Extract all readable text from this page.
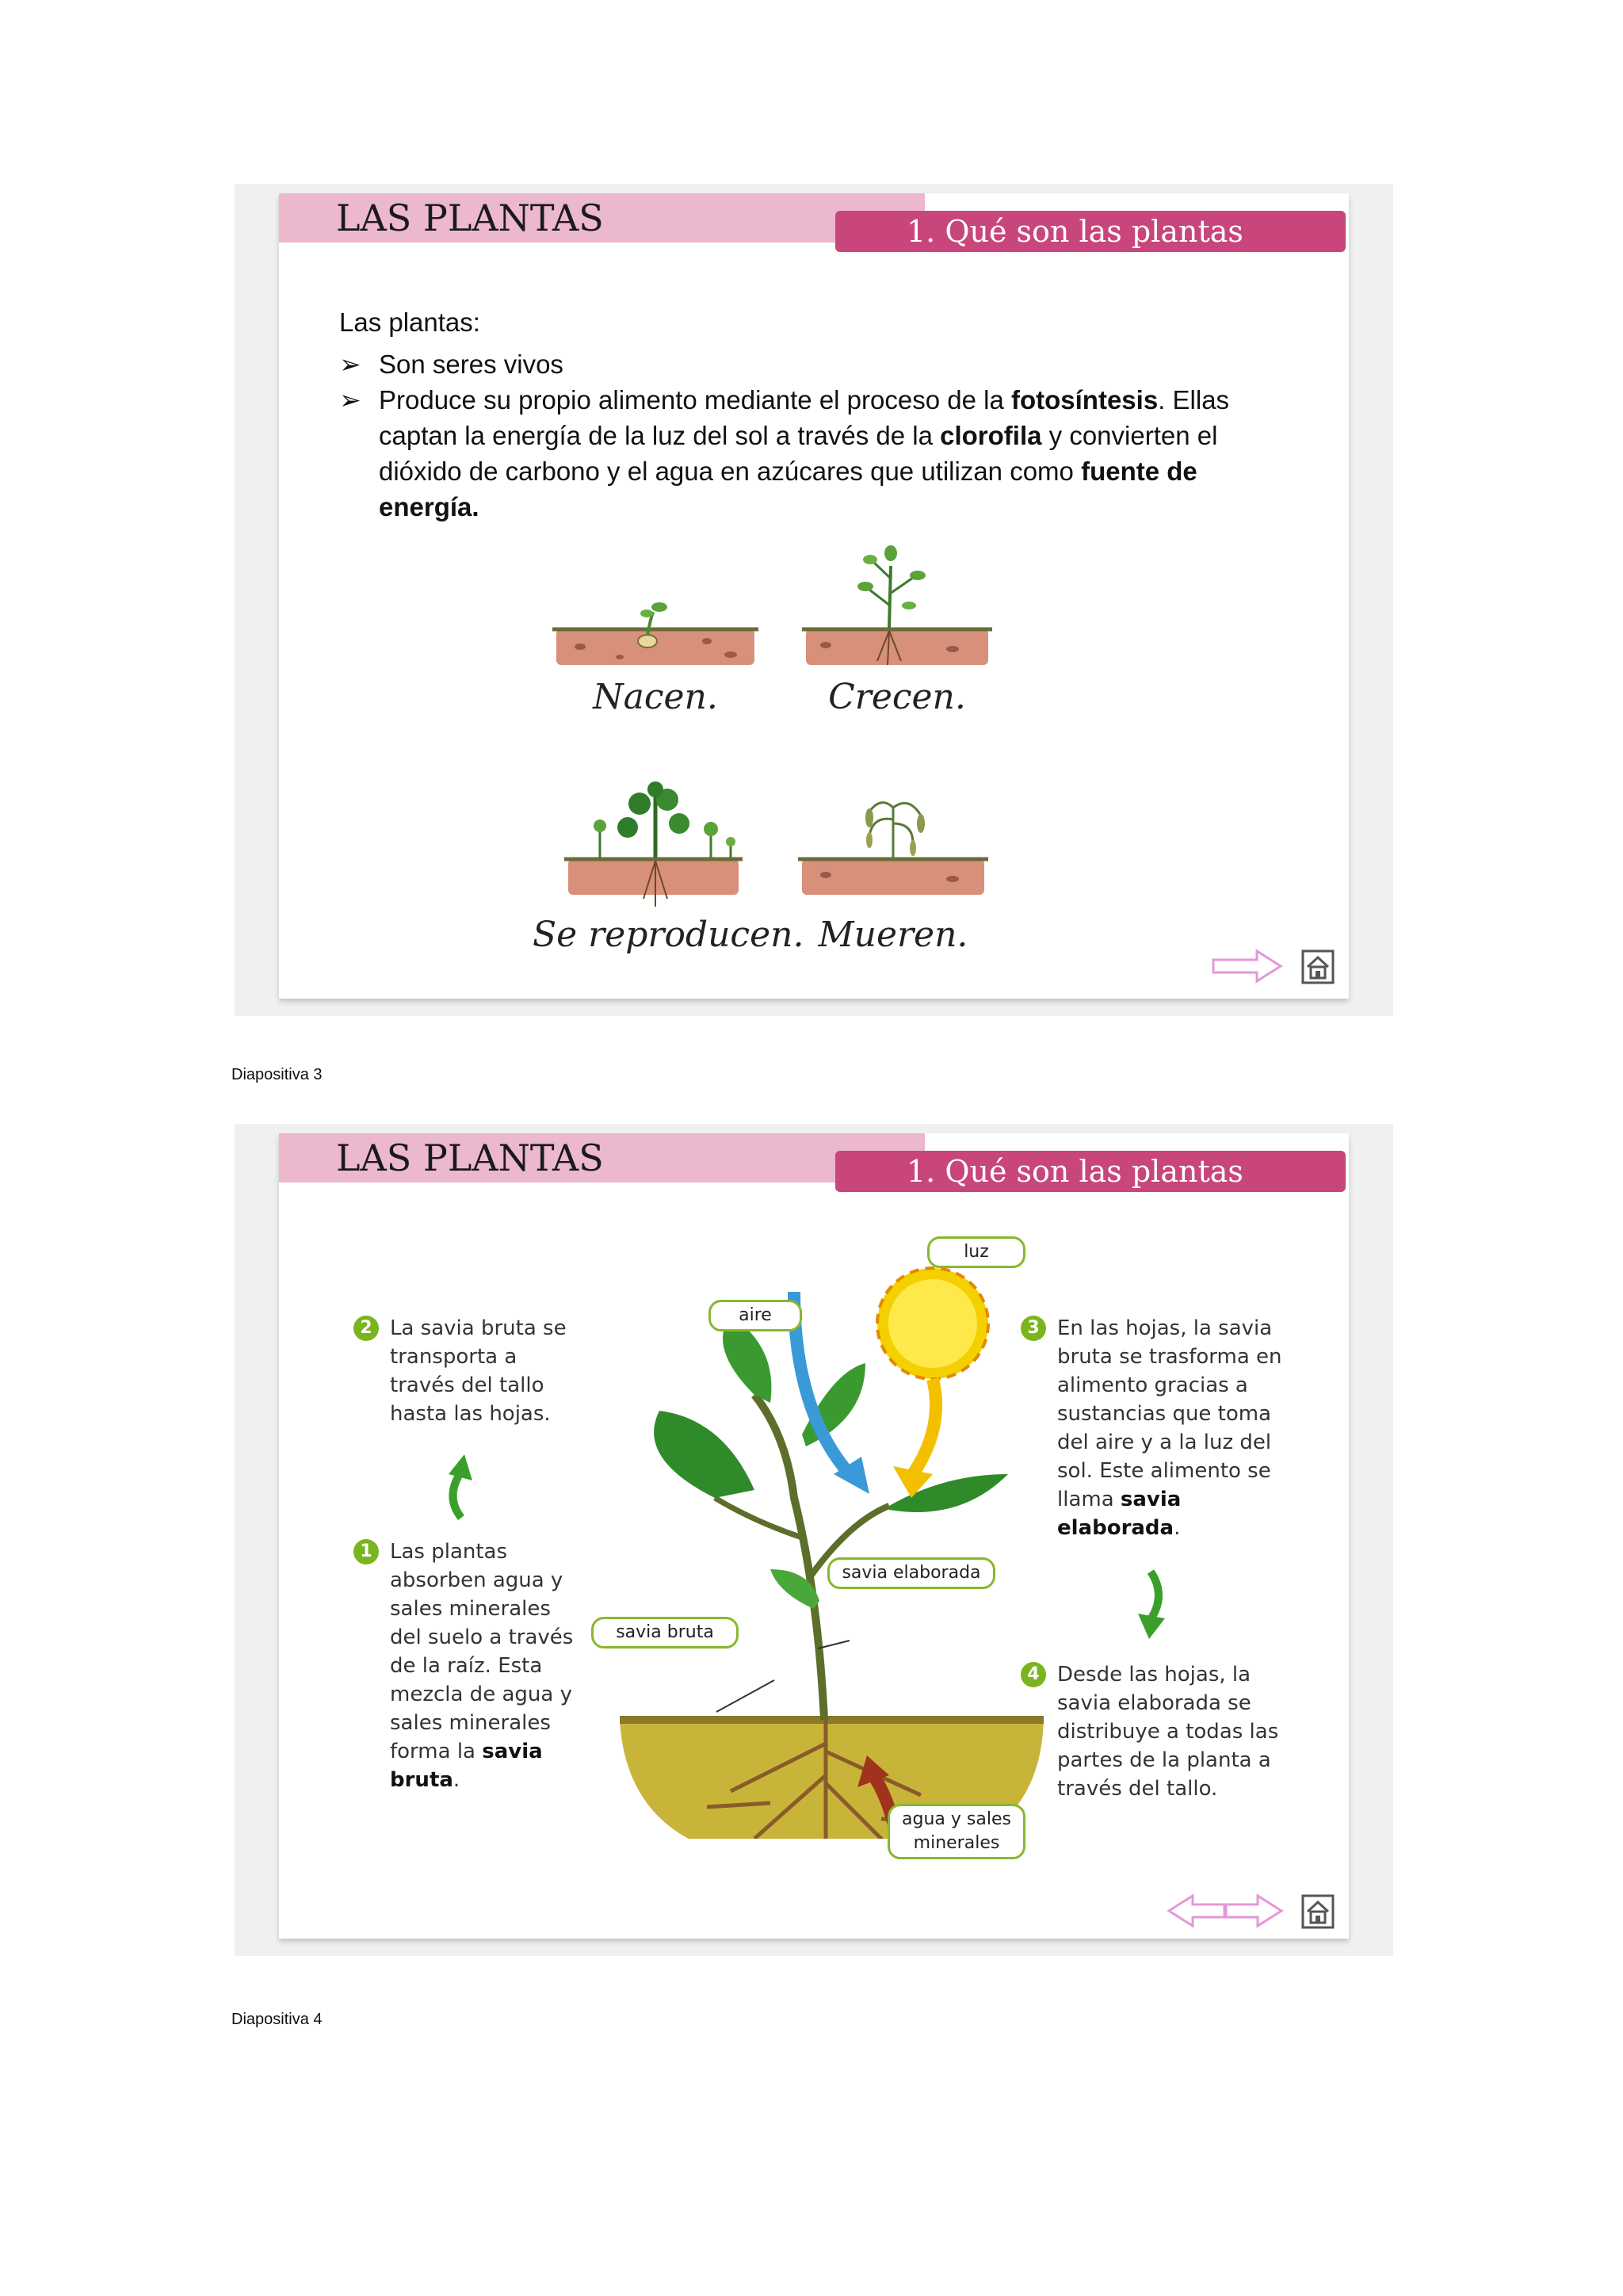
LAS PLANTAS	1. Qué son las plantas
Las plantas:
➢ Son seres vivos
➢ Produce su propio alimento mediante el proceso de la fotosíntesis. Ellas captan la energía de la luz del sol a través de la clorofila y convierten el dióxido de carbono y el agua en azúcares que utilizan como fuente de energía.
Nacen.	Crecen.
Se reproducen. Mueren.
Diapositiva 3
LAS PLANTAS	1. Qué son las plantas
2 La savia bruta se transporta a través del tallo hasta las hojas.
1 Las plantas absorben agua y sales minerales del suelo a través de la raíz. Esta mezcla de agua y sales minerales forma la savia bruta.
3 En las hojas, la savia bruta se trasforma en alimento gracias a sustancias que toma del aire y a la luz del sol. Este alimento se llama savia elaborada.
4 Desde las hojas, la savia elaborada se distribuye a todas las partes de la planta a través del tallo.
luz
aire
savia elaborada
savia bruta
agua y sales minerales
Diapositiva 4
